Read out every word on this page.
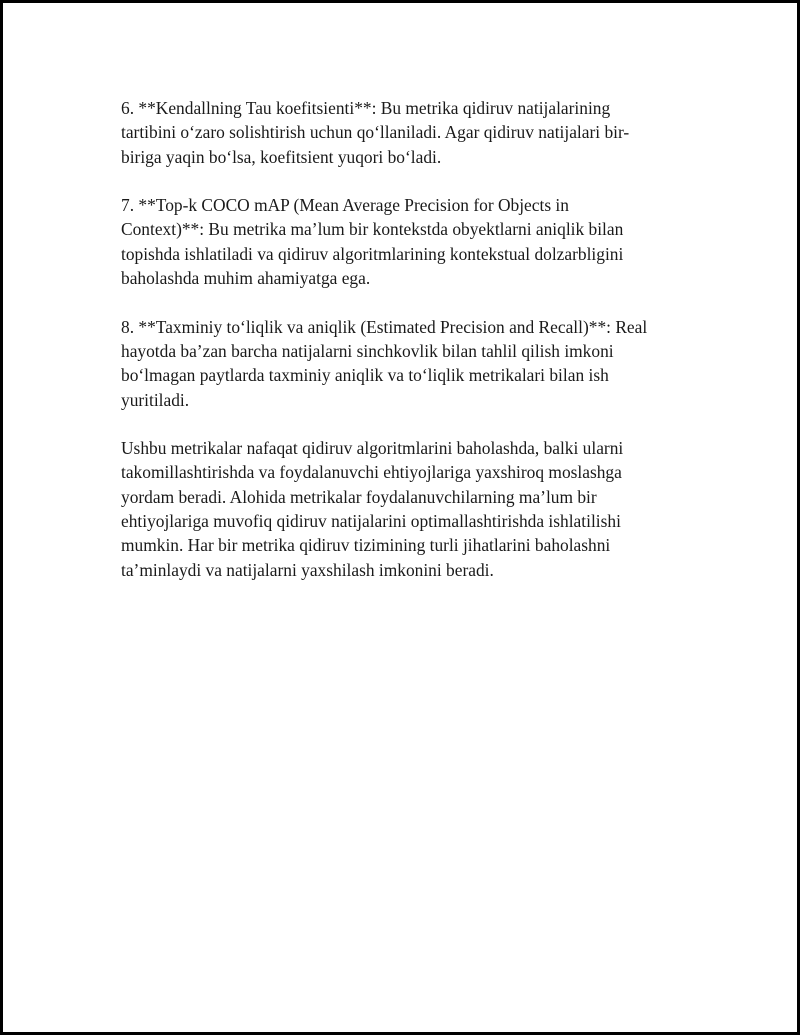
6. **Kendallning Tau koefitsienti**: Bu metrika qidiruv natijalarining
tartibini o‘zaro solishtirish uchun qo‘llaniladi. Agar qidiruv natijalari bir-
biriga yaqin bo‘lsa, koefitsient yuqori bo‘ladi.

7. **Top-k COCO mAP (Mean Average Precision for Objects in
Context)**: Bu metrika ma’lum bir kontekstda obyektlarni aniqlik bilan
topishda ishlatiladi va qidiruv algoritmlarining kontekstual dolzarbligini
baholashda muhim ahamiyatga ega.

8. **Taxminiy to‘liqlik va aniqlik (Estimated Precision and Recall)**: Real
hayotda ba’zan barcha natijalarni sinchkovlik bilan tahlil qilish imkoni
bo‘lmagan paytlarda taxminiy aniqlik va to‘liqlik metrikalari bilan ish
yuritiladi.

Ushbu metrikalar nafaqat qidiruv algoritmlarini baholashda, balki ularni
takomillashtirishda va foydalanuvchi ehtiyojlariga yaxshiroq moslashga
yordam beradi. Alohida metrikalar foydalanuvchilarning ma’lum bir
ehtiyojlariga muvofiq qidiruv natijalarini optimallashtirishda ishlatilishi
mumkin. Har bir metrika qidiruv tizimining turli jihatlarini baholashni
ta’minlaydi va natijalarni yaxshilash imkonini beradi.
